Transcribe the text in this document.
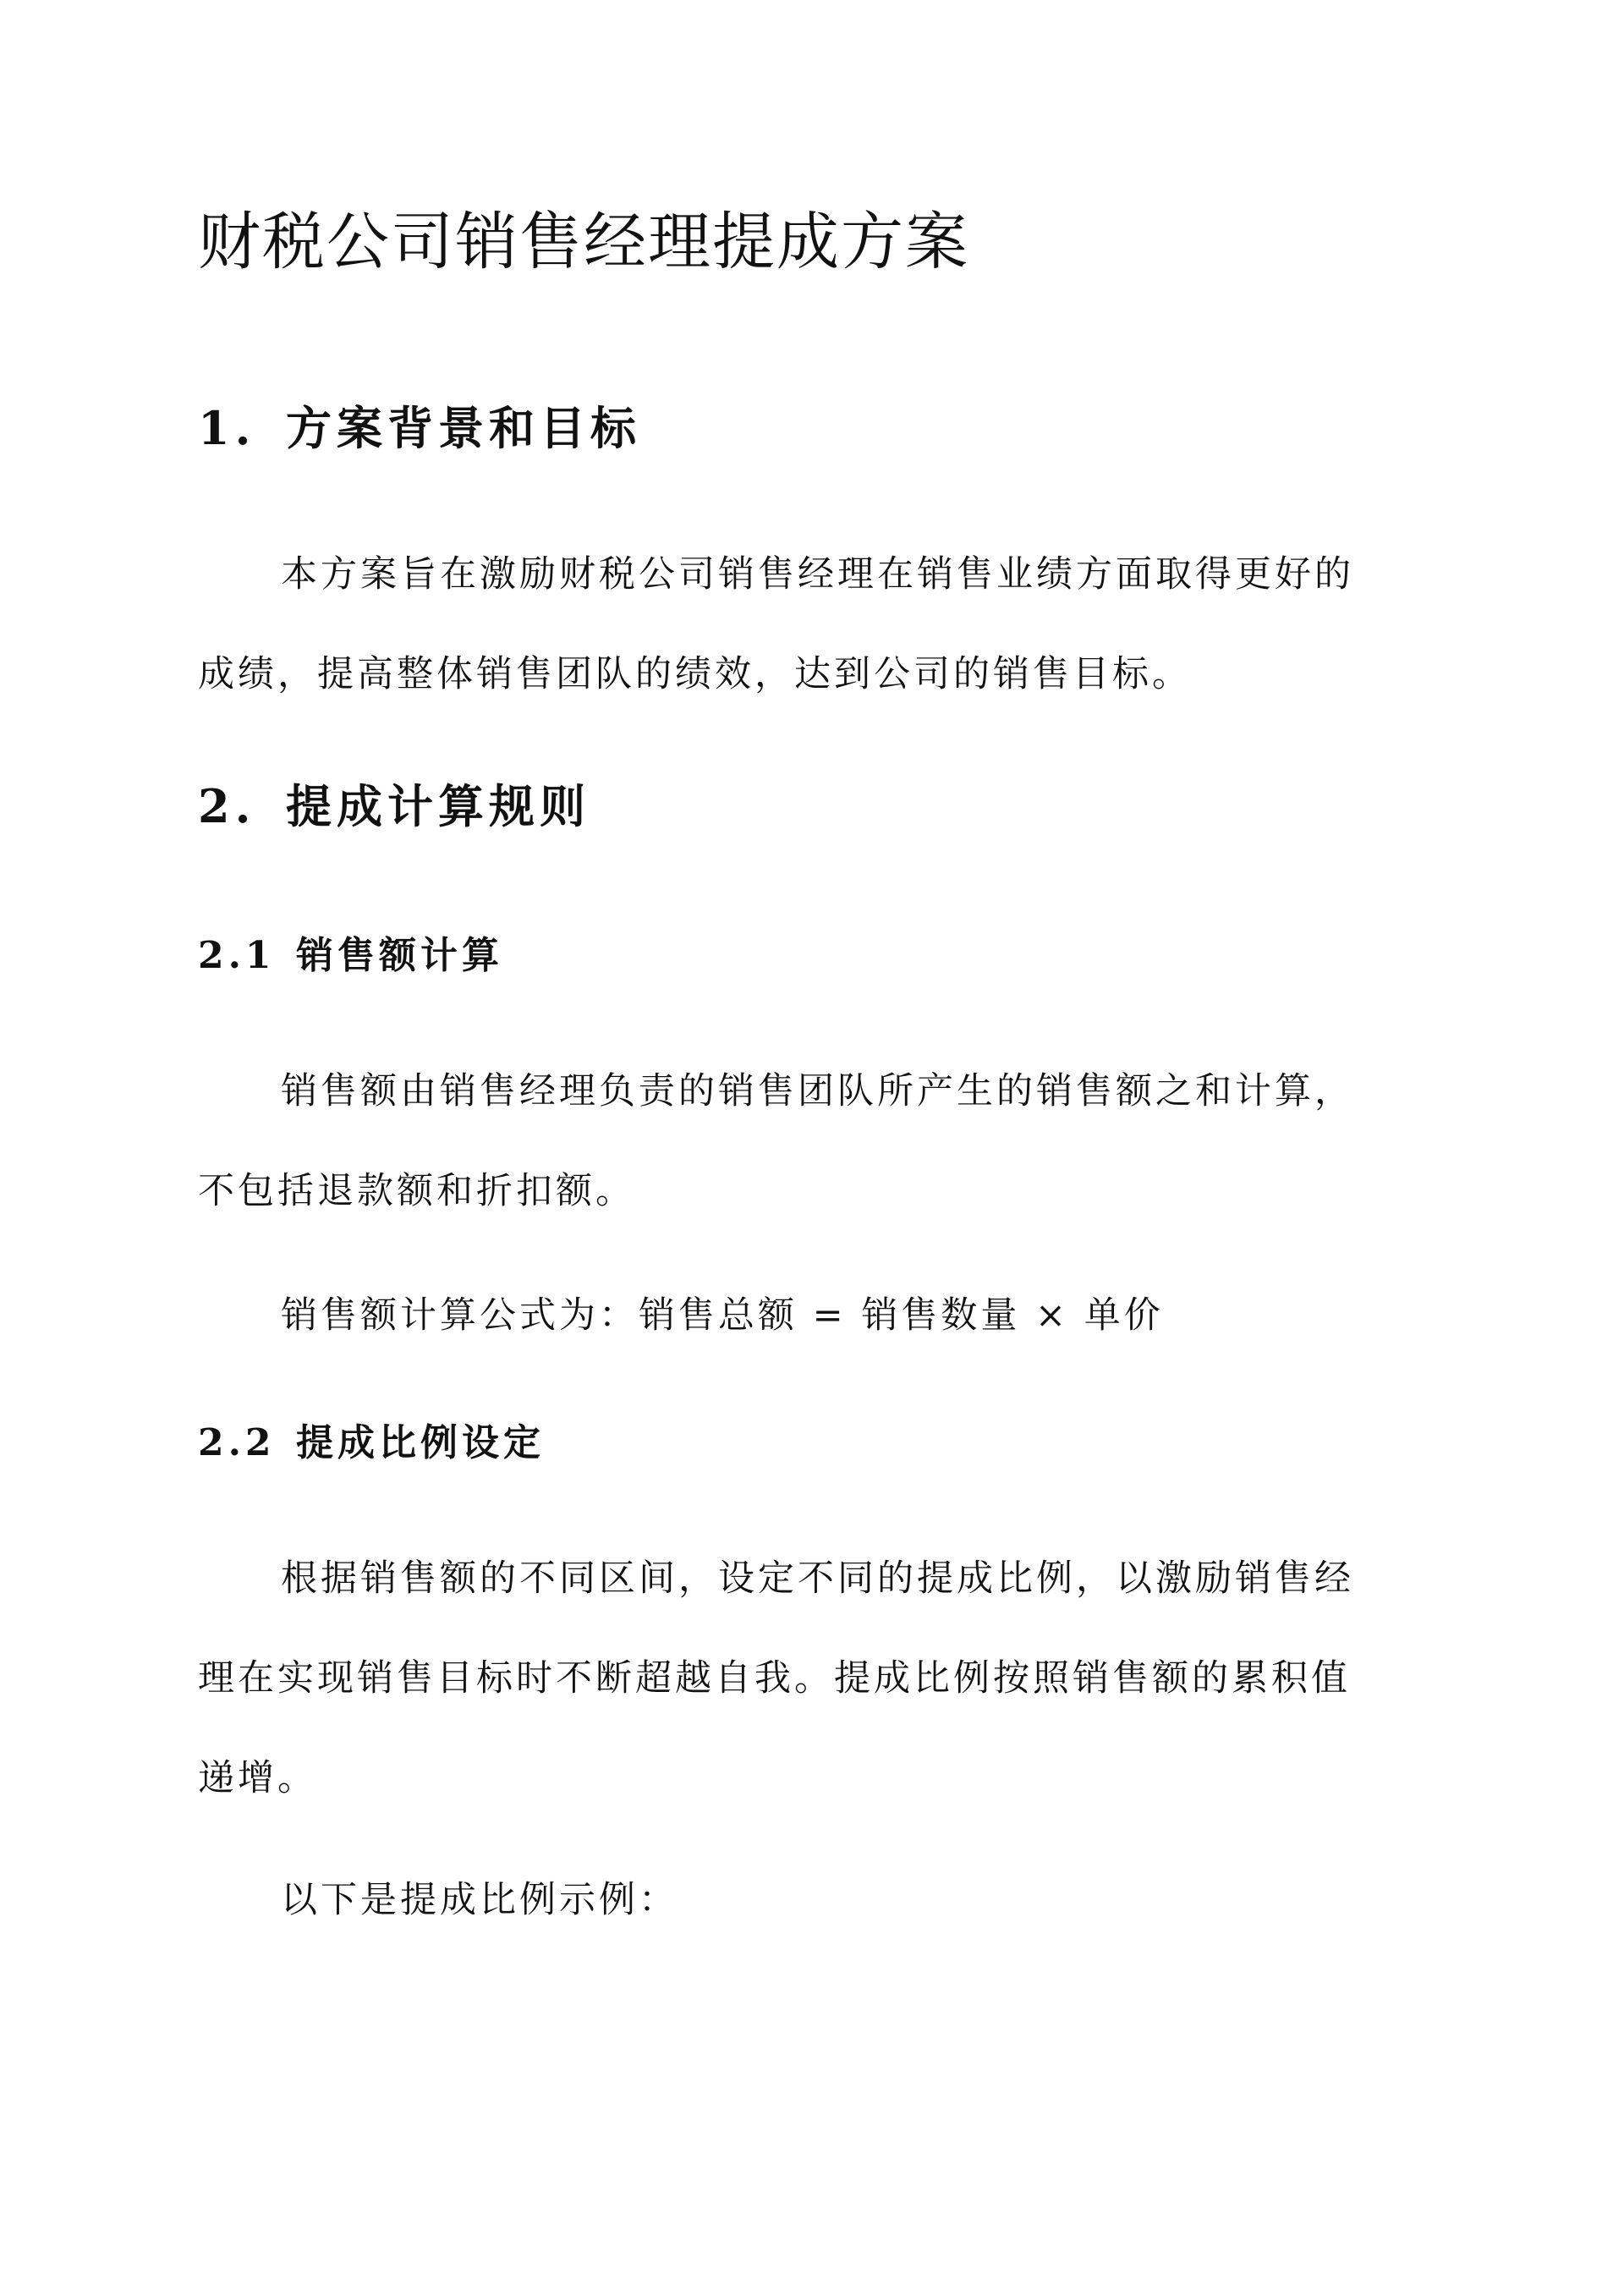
财税公司销售经理提成方案
1. 方案背景和目标
本方案旨在激励财税公司销售经理在销售业绩方面取得更好的
成绩，提高整体销售团队的绩效，达到公司的销售目标。
2. 提成计算规则
2.1 销售额计算
销售额由销售经理负责的销售团队所产生的销售额之和计算，
不包括退款额和折扣额。
销售额计算公式为：销售总额 = 销售数量 × 单价
2.2 提成比例设定
根据销售额的不同区间，设定不同的提成比例，以激励销售经
理在实现销售目标时不断超越自我。提成比例按照销售额的累积值
递增。
以下是提成比例示例：
